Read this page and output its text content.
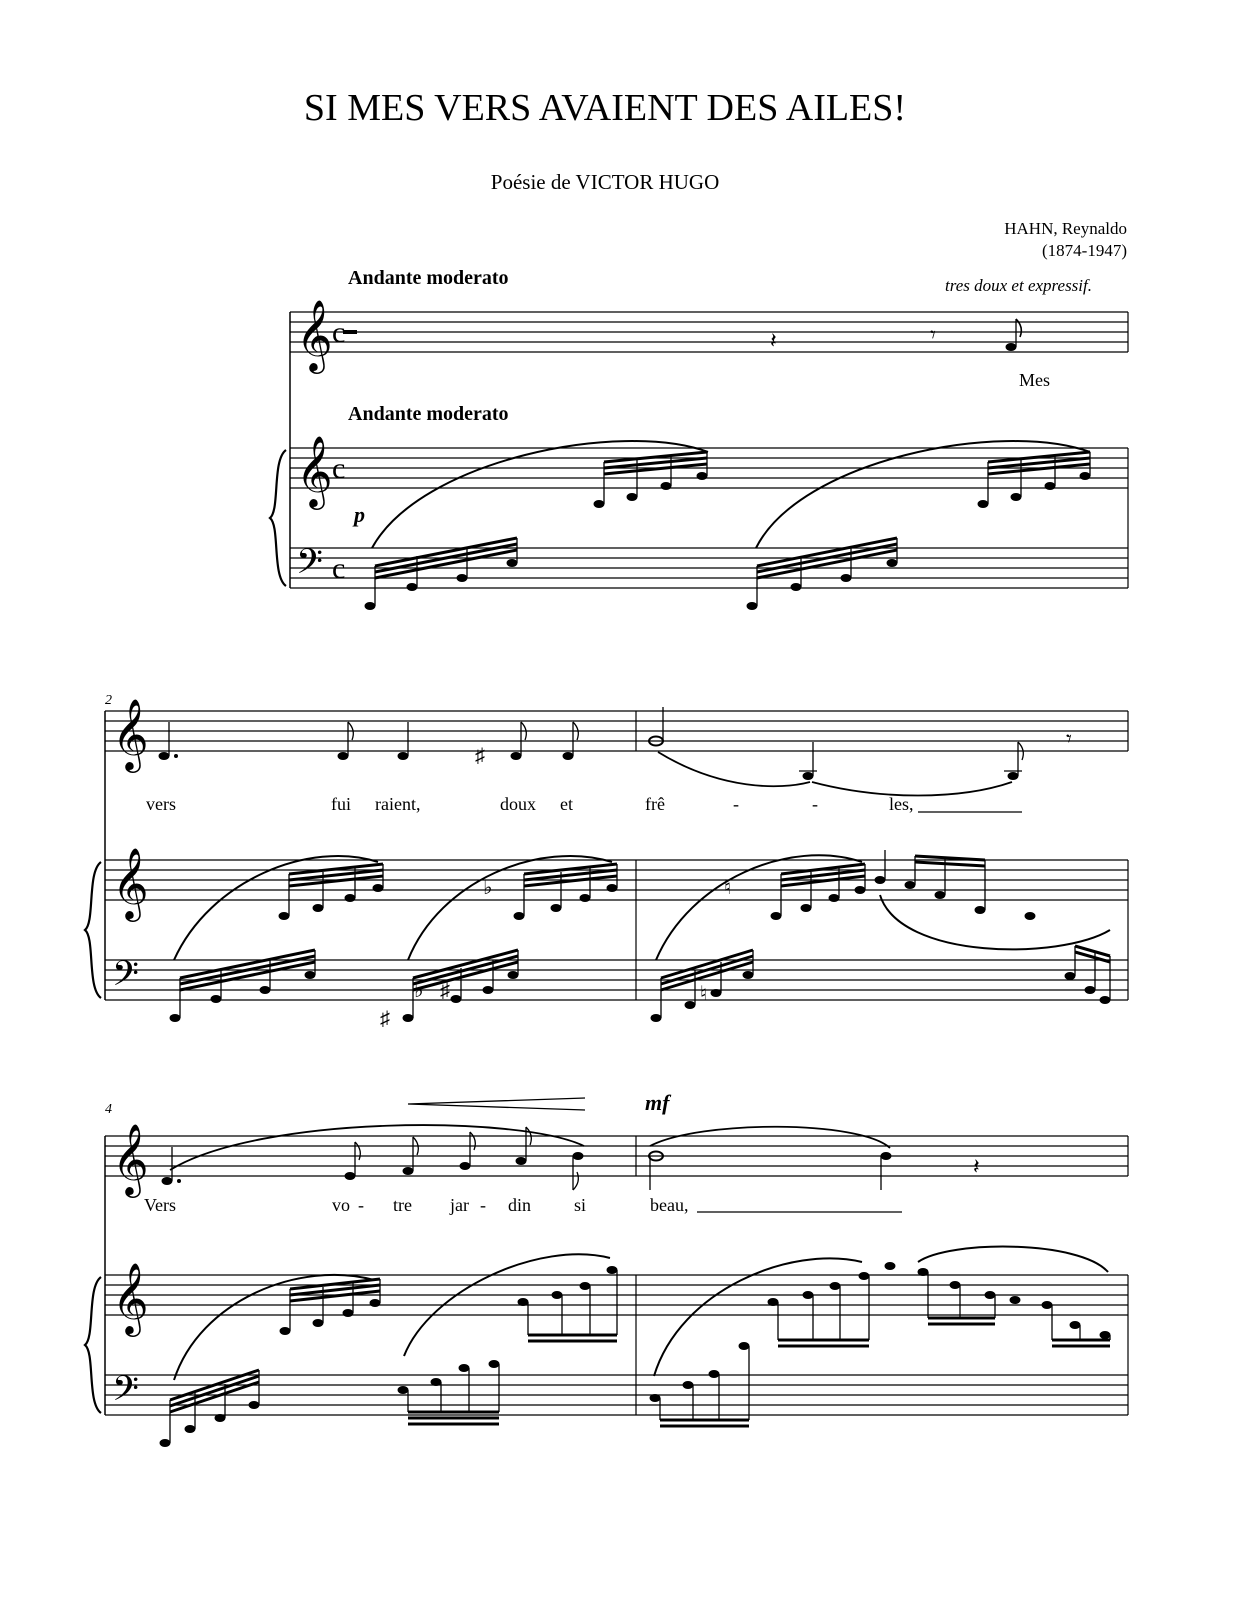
SI MES VERS AVAIENT DES AILES!
Poésie de VICTOR HUGO
HAHN, Reynaldo
(1874-1947)
Andante moderato	tres doux et expressif.
Andante moderato
𝄞 c	𝄽	𝄾
Mes
𝄞 c
p
𝄢 c
2
𝄞	♯
𝄾
vers	fui raient,	doux et	frê	-	-	les,
𝄞	♭	♮
𝄢
♯
♭ ♯	♮
4	mf
𝄞	𝄽
Vers	vo - tre jar - din si	beau,
𝄞
𝄢
